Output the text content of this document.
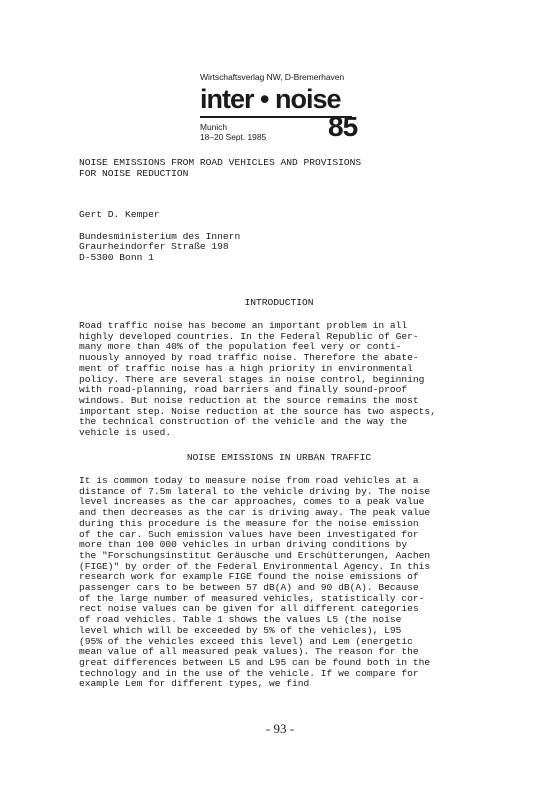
Wirtschaftsverlag NW, D-Bremerhaven
inter • noise
Munich
18–20 Sept. 1985 85

NOISE EMISSIONS FROM ROAD VEHICLES AND PROVISIONS
FOR NOISE REDUCTION

Gert D. Kemper

Bundesministerium des Innern
Graurheindorfer Straße 198
D-5300 Bonn 1

INTRODUCTION

Road traffic noise has become an important problem in all
highly developed countries. In the Federal Republic of Ger-
many more than 40% of the population feel very or conti-
nuously annoyed by road traffic noise. Therefore the abate-
ment of traffic noise has a high priority in environmental
policy. There are several stages in noise control, beginning
with road-planning, road barriers and finally sound-proof
windows. But noise reduction at the source remains the most
important step. Noise reduction at the source has two aspects,
the technical construction of the vehicle and the way the
vehicle is used.

NOISE EMISSIONS IN URBAN TRAFFIC

It is common today to measure noise from road vehicles at a
distance of 7.5m lateral to the vehicle driving by. The noise
level increases as the car approaches, comes to a peak value
and then decreases as the car is driving away. The peak value
during this procedure is the measure for the noise emission
of the car. Such emission values have been investigated for
more than 100 000 vehicles in urban driving conditions by
the "Forschungsinstitut Geräusche und Erschütterungen, Aachen
(FIGE)" by order of the Federal Environmental Agency. In this
research work for example FIGE found the noise emissions of
passenger cars to be between 57 dB(A) and 90 dB(A). Because
of the large number of measured vehicles, statistically cor-
rect noise values can be given for all different categories
of road vehicles. Table 1 shows the values L5 (the noise
level which will be exceeded by 5% of the vehicles), L95
(95% of the vehicles exceed this level) and Lem (energetic
mean value of all measured peak values). The reason for the
great differences between L5 and L95 can be found both in the
technology and in the use of the vehicle. If we compare for
example Lem for different types, we find

- 93 -
